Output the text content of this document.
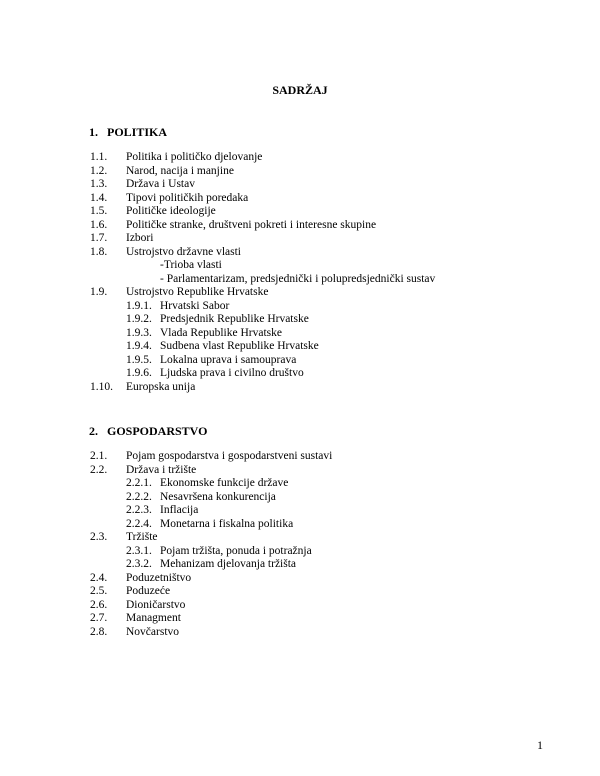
SADRŽAJ
1. POLITIKA
1.1. Politika i političko djelovanje
1.2. Narod, nacija i manjine
1.3. Država i Ustav
1.4. Tipovi političkih poredaka
1.5. Političke ideologije
1.6. Političke stranke, društveni pokreti i interesne skupine
1.7. Izbori
1.8. Ustrojstvo državne vlasti
-Trioba vlasti
- Parlamentarizam, predsjednički i polupredsjednički sustav
1.9. Ustrojstvo Republike Hrvatske
1.9.1. Hrvatski Sabor
1.9.2. Predsjednik Republike Hrvatske
1.9.3. Vlada Republike Hrvatske
1.9.4. Sudbena vlast Republike Hrvatske
1.9.5. Lokalna uprava i samouprava
1.9.6. Ljudska prava i civilno društvo
1.10. Europska unija
2. GOSPODARSTVO
2.1. Pojam gospodarstva i gospodarstveni sustavi
2.2. Država i tržište
2.2.1. Ekonomske funkcije države
2.2.2. Nesavršena konkurencija
2.2.3. Inflacija
2.2.4. Monetarna i fiskalna politika
2.3. Tržište
2.3.1. Pojam tržišta, ponuda i potražnja
2.3.2. Mehanizam djelovanja tržišta
2.4. Poduzetništvo
2.5. Poduzeće
2.6. Dioničarstvo
2.7. Managment
2.8. Novčarstvo
1
